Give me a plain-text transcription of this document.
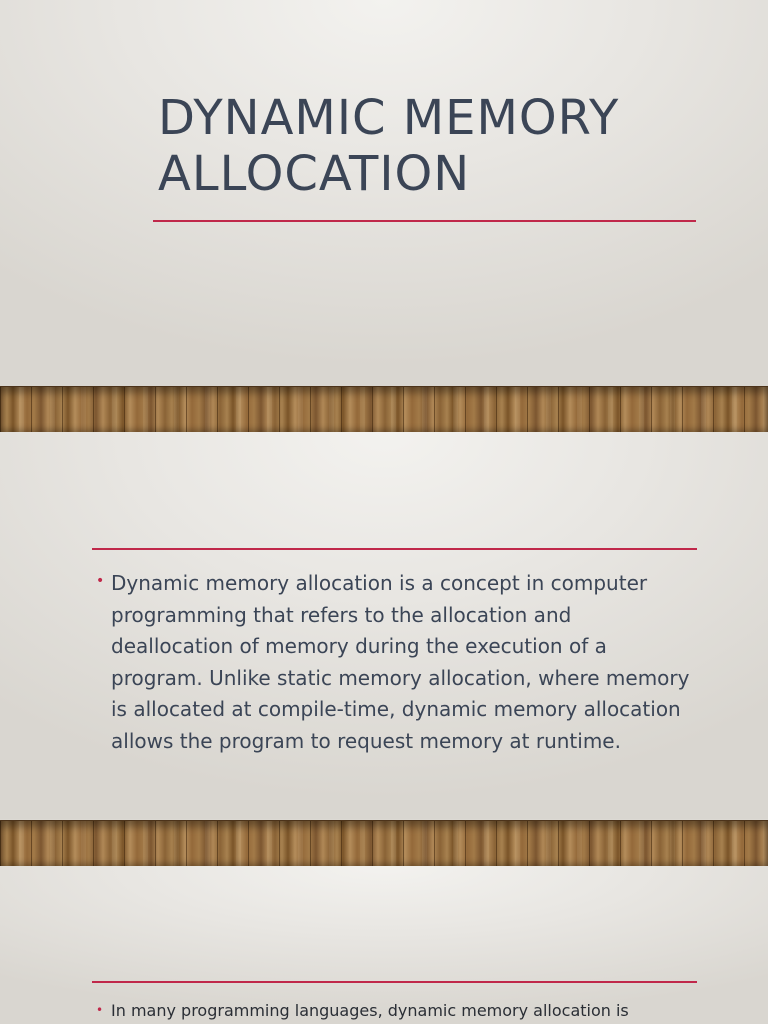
DYNAMIC MEMORY ALLOCATION
• Dynamic memory allocation is a concept in computer programming that refers to the allocation and deallocation of memory during the execution of a program. Unlike static memory allocation, where memory is allocated at compile-time, dynamic memory allocation allows the program to request memory at runtime.
• In many programming languages, dynamic memory allocation is
